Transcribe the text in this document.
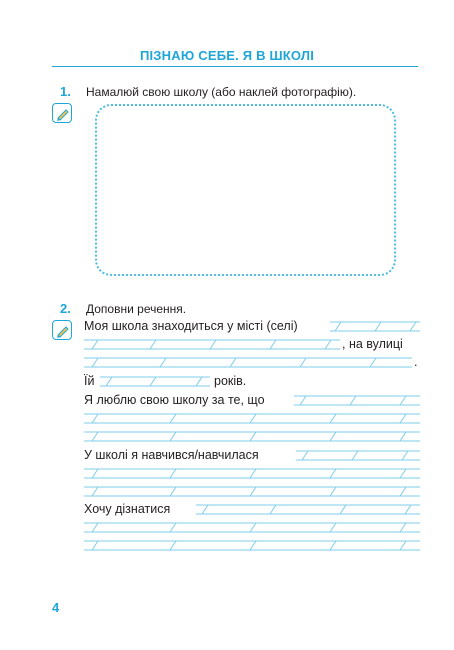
ПІЗНАЮ СЕБЕ. Я В ШКОЛІ
1. Намалюй свою школу (або наклей фотографію).
2. Доповни речення.
Моя школа знаходиться у місті (селі)
, на вулиці
.
Їй	років.
Я люблю свою школу за те, що
У школі я навчився/навчилася
Хочу дізнатися
4
